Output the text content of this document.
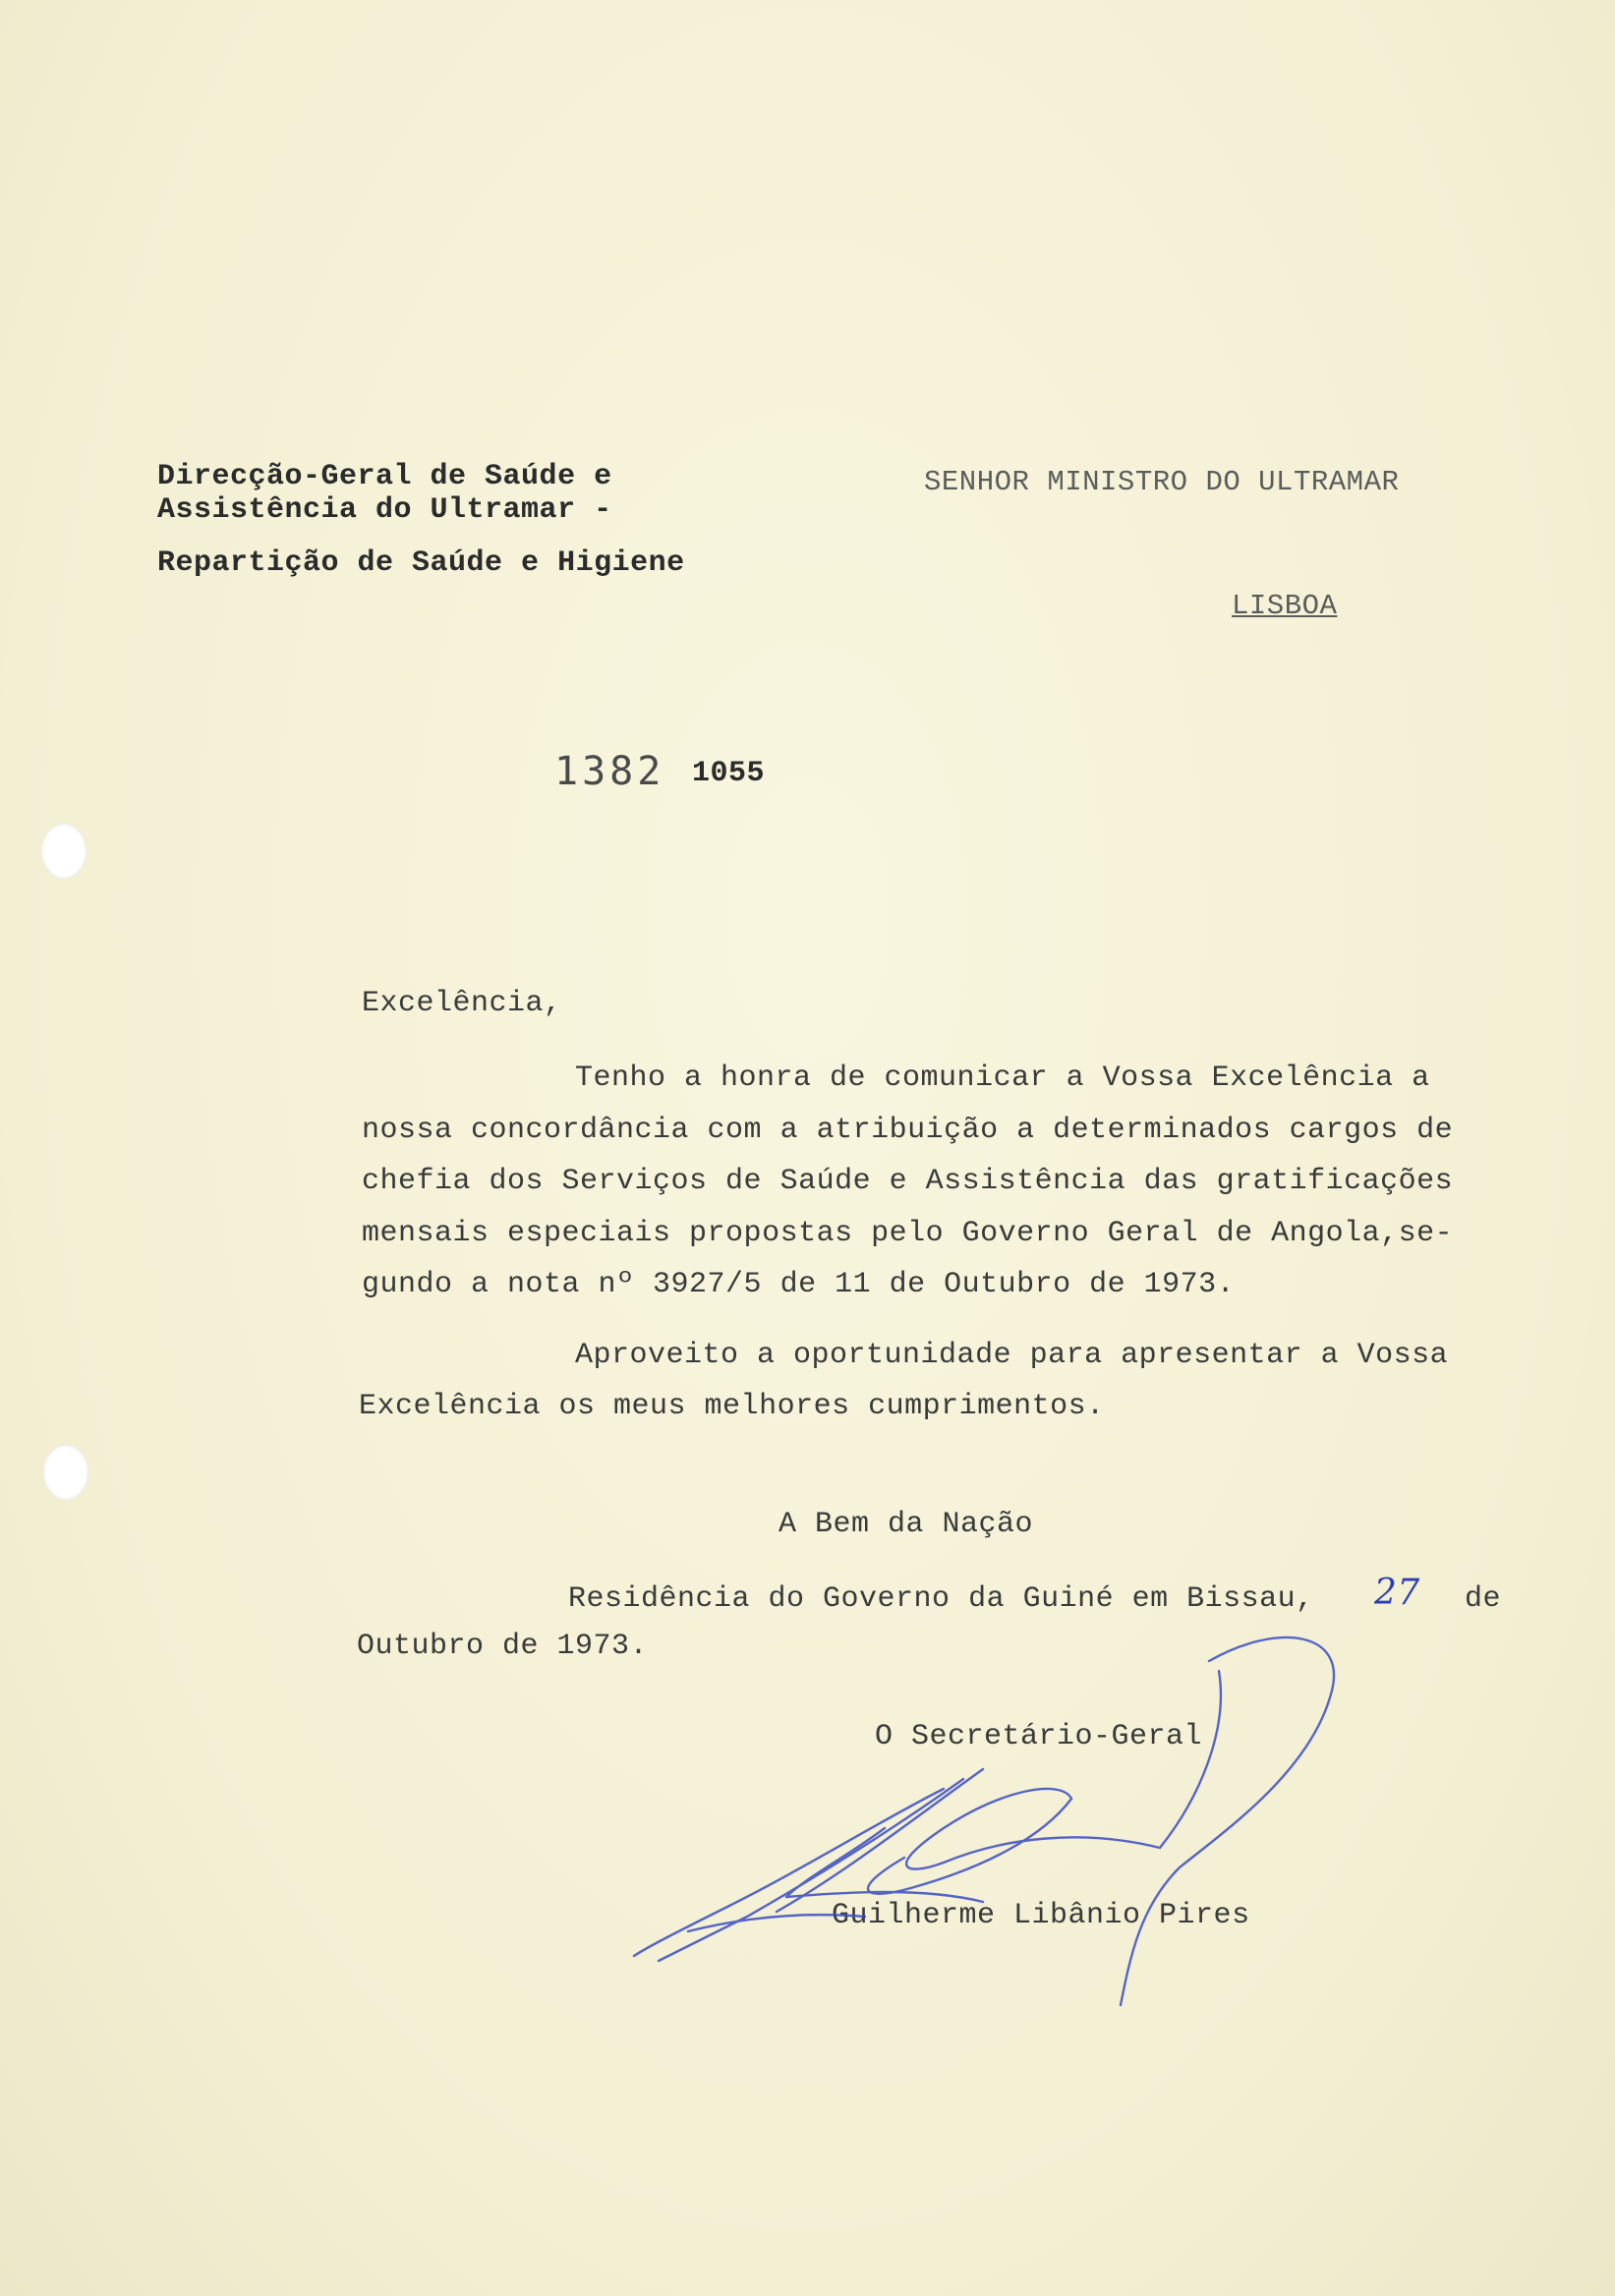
Direcção-Geral de Saúde e
Assistência do Ultramar -
Repartição de Saúde e Higiene
SENHOR MINISTRO DO ULTRAMAR
LISBOA
1382 1055
Excelência,
Tenho a honra de comunicar a Vossa Excelência a
nossa concordância com a atribuição a determinados cargos de
chefia dos Serviços de Saúde e Assistência das gratificações
mensais especiais propostas pelo Governo Geral de Angola,se-
gundo a nota nº 3927/5 de 11 de Outubro de 1973.
Aproveito a oportunidade para apresentar a Vossa
Excelência os meus melhores cumprimentos.
A Bem da Nação
Residência do Governo da Guiné em Bissau, 27 de
Outubro de 1973.
O Secretário-Geral
Guilherme Libânio Pires
